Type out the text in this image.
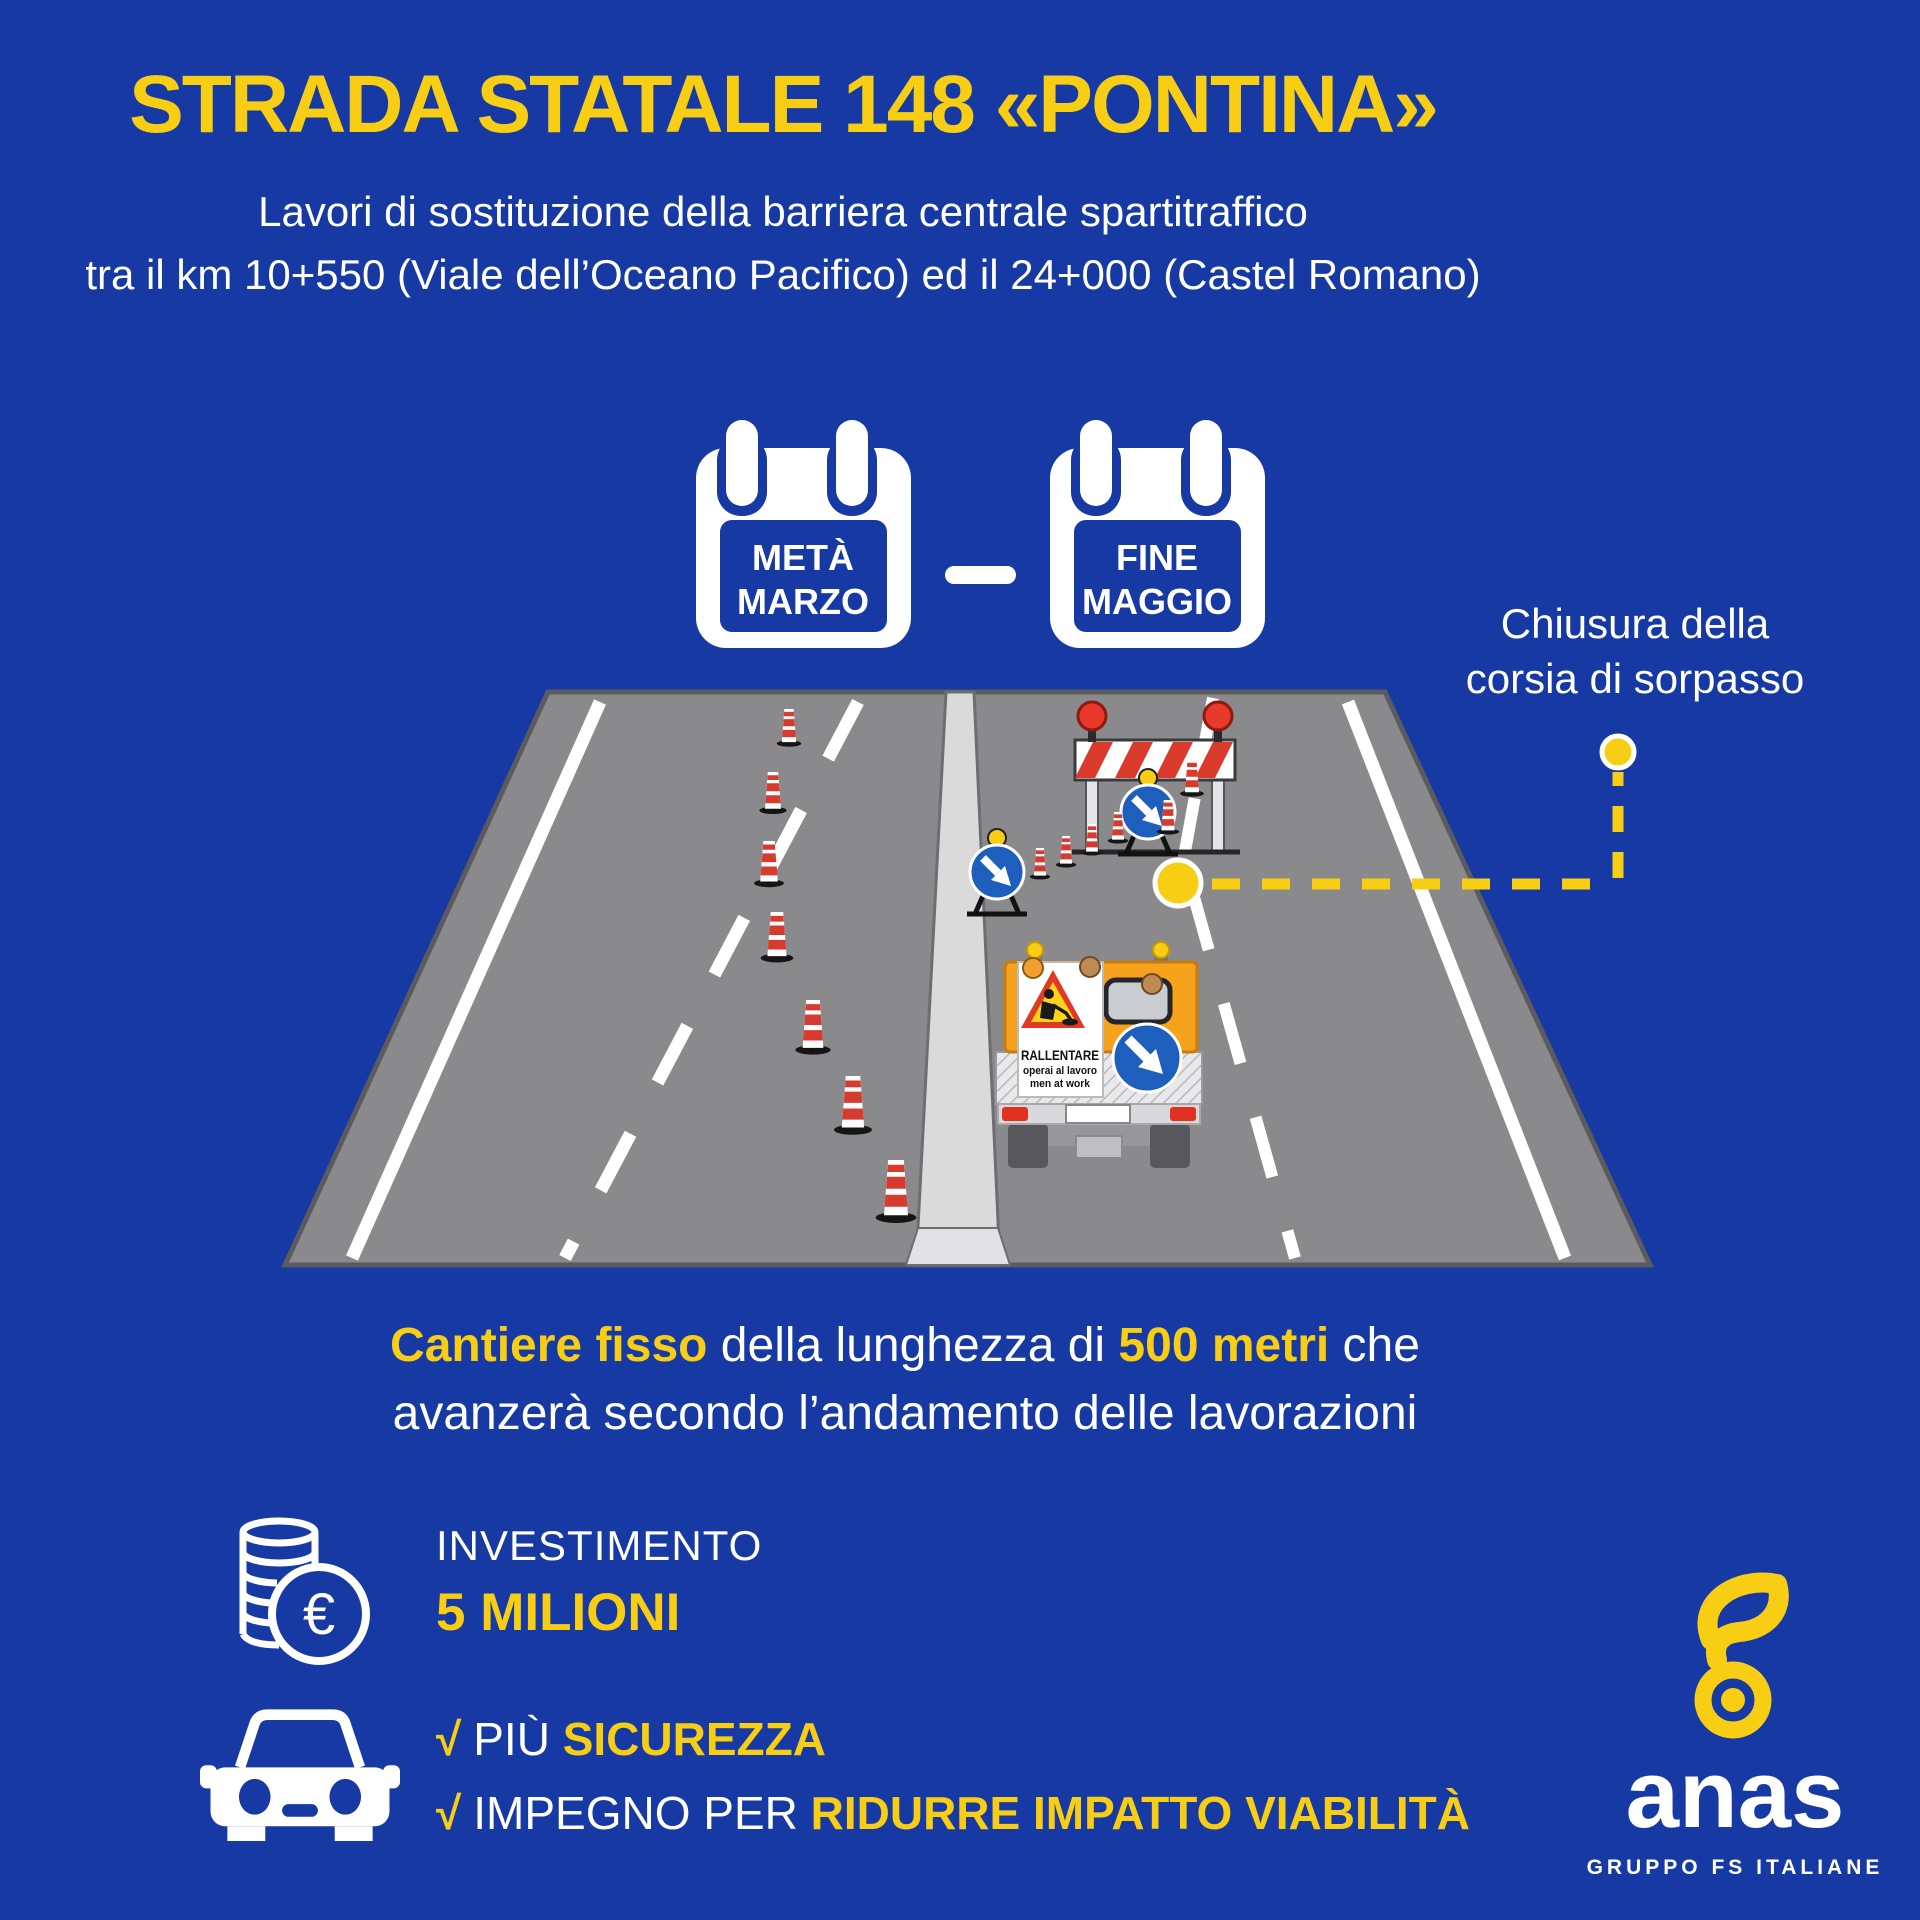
STRADA STATALE 148 «PONTINA»
Lavori di sostituzione della barriera centrale spartitraffico
tra il km 10+550 (Viale dell’Oceano Pacifico) ed il 24+000 (Castel Romano)
METÀ
MARZO
FINE
MAGGIO	Chiusura della
corsia di sorpasso
RALLENTARE
operai al lavoro
men at work
Cantiere fisso della lunghezza di 500 metri che
avanzerà secondo l’andamento delle lavorazioni
€
INVESTIMENTO
5 MILIONI
√ PIÙ SICUREZZA
√ IMPEGNO PER RIDURRE IMPATTO VIABILITÀ	anas
GRUPPO FS ITALIANE
